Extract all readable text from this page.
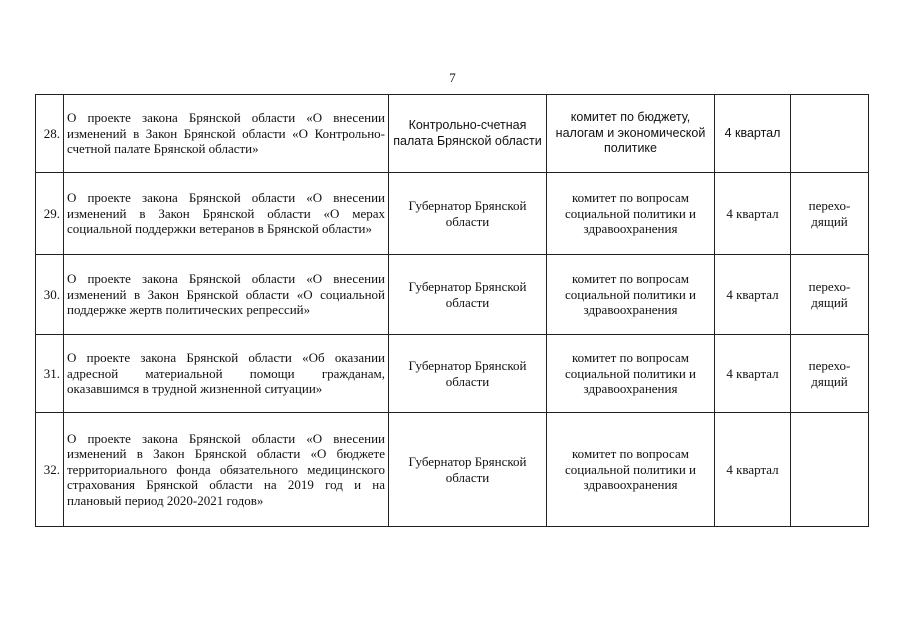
7
28.	О проекте закона Брянской области «О внесении изменений в Закон Брянской области «О Контрольно-счетной палате Брянской области»	Контрольно-счетная палата Брянской области	комитет по бюджету, налогам и экономической политике	4 квартал	
29.	О проекте закона Брянской области «О внесении изменений в Закон Брянской области «О мерах социальной поддержки ветеранов в Брянской области»	Губернатор Брянской области	комитет по вопросам социальной политики и здравоохранения	4 квартал	перехо-дящий
30.	О проекте закона Брянской области «О внесении изменений в Закон Брянской области «О социальной поддержке жертв политических репрессий»	Губернатор Брянской области	комитет по вопросам социальной политики и здравоохранения	4 квартал	перехо-дящий
31.	О проекте закона Брянской области «Об оказании адресной материальной помощи гражданам, оказавшимся в трудной жизненной ситуации»	Губернатор Брянской области	комитет по вопросам социальной политики и здравоохранения	4 квартал	перехо-дящий
32.	О проекте закона Брянской области «О внесении изменений в Закон Брянской области «О бюджете территориального фонда обязательного медицинского страхования Брянской области на 2019 год и на плановый период 2020-2021 годов»	Губернатор Брянской области	комитет по вопросам социальной политики и здравоохранения	4 квартал	
